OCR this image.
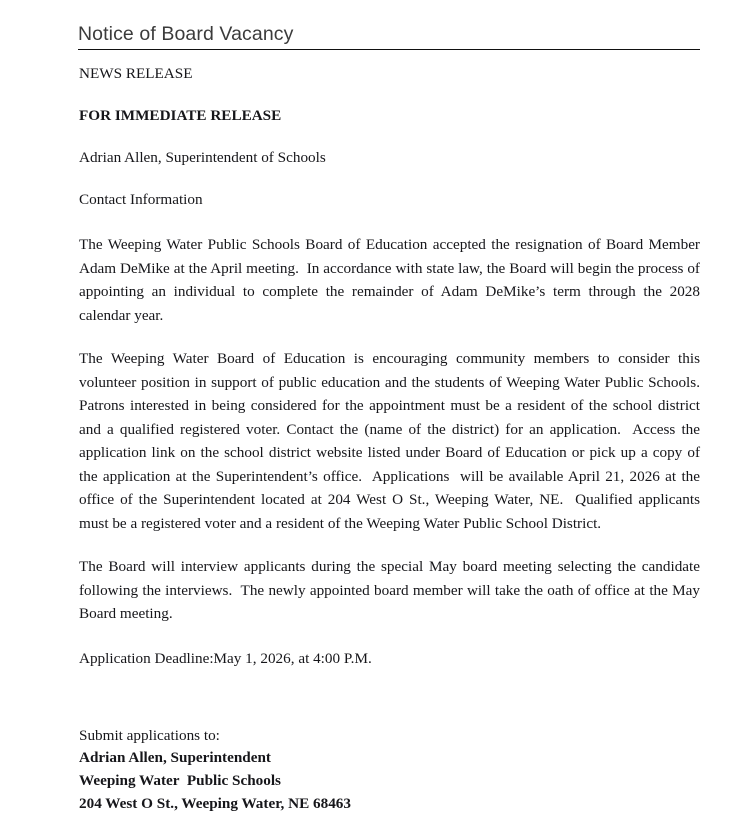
Notice of Board Vacancy
NEWS RELEASE
FOR IMMEDIATE RELEASE
Adrian Allen, Superintendent of Schools
Contact Information

The Weeping Water Public Schools Board of Education accepted the resignation of Board Member Adam DeMike at the April meeting.  In accordance with state law, the Board will begin the process of appointing an individual to complete the remainder of Adam DeMike’s term through the 2028 calendar year.

The Weeping Water Board of Education is encouraging community members to consider this volunteer position in support of public education and the students of Weeping Water Public Schools. Patrons interested in being considered for the appointment must be a resident of the school district and a qualified registered voter. Contact the (name of the district) for an application.  Access the application link on the school district website listed under Board of Education or pick up a copy of the application at the Superintendent’s office.  Applications  will be available April 21, 2026 at the office of the Superintendent located at 204 West O St., Weeping Water, NE.  Qualified applicants must be a registered voter and a resident of the Weeping Water Public School District.

The Board will interview applicants during the special May board meeting selecting the candidate following the interviews.  The newly appointed board member will take the oath of office at the May Board meeting.

Application Deadline:May 1, 2026, at 4:00 P.M.
Submit applications to:
Adrian Allen, Superintendent
Weeping Water  Public Schools
204 West O St., Weeping Water, NE 68463
